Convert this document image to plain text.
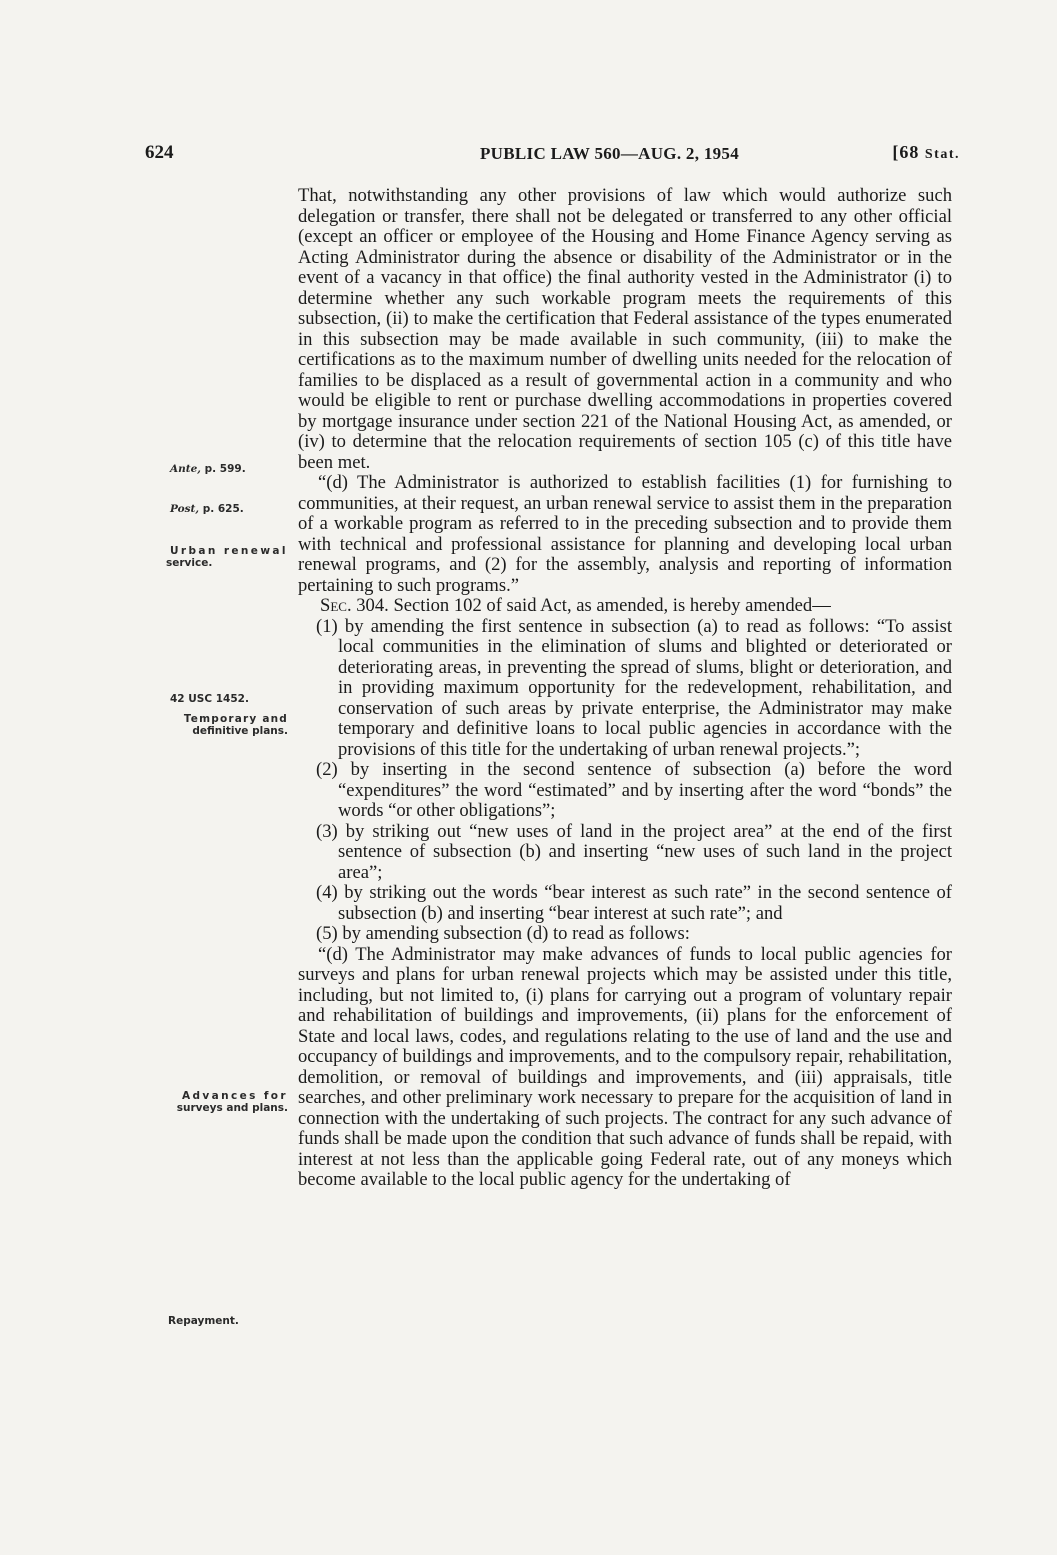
624	PUBLIC LAW 560—AUG. 2, 1954	[68 Stat.
Ante, p. 599.
Post, p. 625.
Urban renewal
service.
42 USC 1452.
Temporary and
definitive plans.
Advances for
surveys and plans.
Repayment.

That, notwithstanding any other provisions of law which would authorize such delegation or transfer, there shall not be delegated or transferred to any other official (except an officer or employee of the Housing and Home Finance Agency serving as Acting Administrator during the absence or disability of the Administrator or in the event of a vacancy in that office) the final authority vested in the Administrator (i) to determine whether any such workable program meets the requirements of this subsection, (ii) to make the certification that Federal assistance of the types enumerated in this subsection may be made available in such community, (iii) to make the certifications as to the maximum number of dwelling units needed for the relocation of families to be displaced as a result of governmental action in a community and who would be eligible to rent or purchase dwelling accommodations in properties covered by mortgage insurance under section 221 of the National Housing Act, as amended, or (iv) to determine that the relocation requirements of section 105 (c) of this title have been met.

“(d) The Administrator is authorized to establish facilities (1) for furnishing to communities, at their request, an urban renewal service to assist them in the preparation of a workable program as referred to in the preceding subsection and to provide them with technical and professional assistance for planning and developing local urban renewal programs, and (2) for the assembly, analysis and reporting of information pertaining to such programs.”

Sec. 304. Section 102 of said Act, as amended, is hereby amended—

(1) by amending the first sentence in subsection (a) to read as follows: “To assist local communities in the elimination of slums and blighted or deteriorated or deteriorating areas, in preventing the spread of slums, blight or deterioration, and in providing maximum opportunity for the redevelopment, rehabilitation, and conservation of such areas by private enterprise, the Administrator may make temporary and definitive loans to local public agencies in accordance with the provisions of this title for the undertaking of urban renewal projects.”;

(2) by inserting in the second sentence of subsection (a) before the word “expenditures” the word “estimated” and by inserting after the word “bonds” the words “or other obligations”;

(3) by striking out “new uses of land in the project area” at the end of the first sentence of subsection (b) and inserting “new uses of such land in the project area”;

(4) by striking out the words “bear interest as such rate” in the second sentence of subsection (b) and inserting “bear interest at such rate”; and

(5) by amending subsection (d) to read as follows:

“(d) The Administrator may make advances of funds to local public agencies for surveys and plans for urban renewal projects which may be assisted under this title, including, but not limited to, (i) plans for carrying out a program of voluntary repair and rehabilitation of buildings and improvements, (ii) plans for the enforcement of State and local laws, codes, and regulations relating to the use of land and the use and occupancy of buildings and improvements, and to the compulsory repair, rehabilitation, demolition, or removal of buildings and improvements, and (iii) appraisals, title searches, and other preliminary work necessary to prepare for the acquisition of land in connection with the undertaking of such projects. The contract for any such advance of funds shall be made upon the condition that such advance of funds shall be repaid, with interest at not less than the applicable going Federal rate, out of any moneys which become available to the local public agency for the undertaking of
